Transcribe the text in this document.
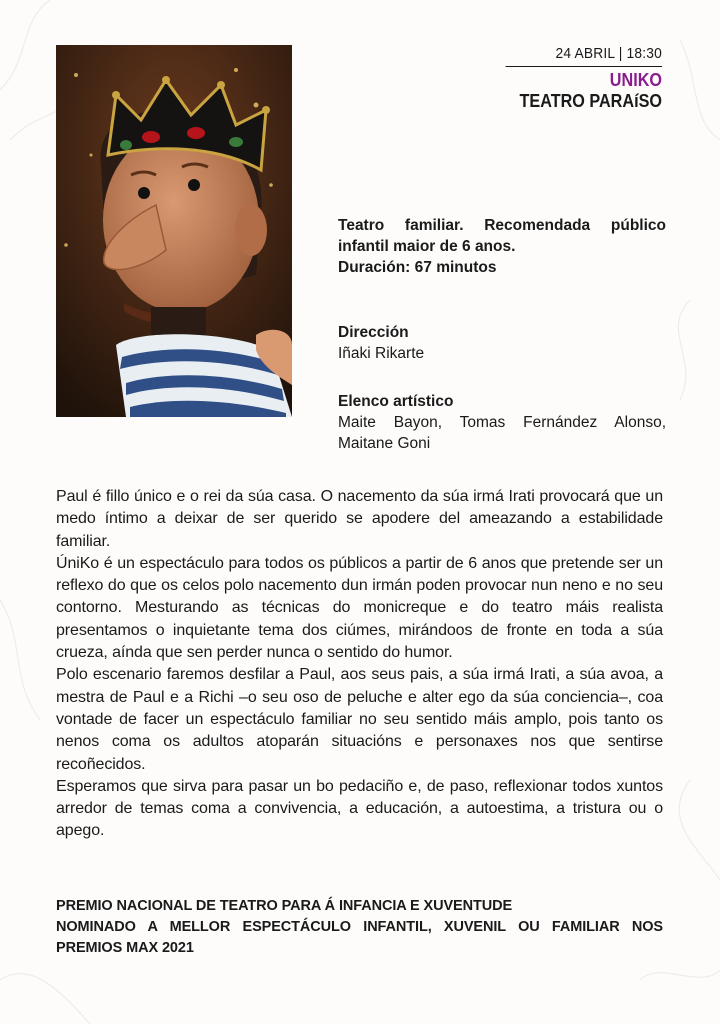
24 ABRIL | 18:30
UNIKO
TEATRO PARAíSO

Teatro familiar. Recomendada público infantil maior de 6 anos.

Duración: 67 minutos

Dirección

Iñaki Rikarte

Elenco artístico

Maite Bayon, Tomas Fernández Alonso, Maitane Goni

Paul é fillo único e o rei da súa casa. O nacemento da súa irmá Irati provocará que un medo íntimo a deixar de ser querido se apodere del ameazando a estabilidade familiar.

ÚniKo é un espectáculo para todos os públicos a partir de 6 anos que pretende ser un reflexo do que os celos polo nacemento dun irmán poden provocar nun neno e no seu contorno. Mesturando as técnicas do monicreque e do teatro máis realista presentamos o inquietante tema dos ciúmes, mirándoos de fronte en toda a súa crueza, aínda que sen perder nunca o sentido do humor.

Polo escenario faremos desfilar a Paul, aos seus pais, a súa irmá Irati, a súa avoa, a mestra de Paul e a Richi –o seu oso de peluche e alter ego da súa conciencia–, coa vontade de facer un espectáculo familiar no seu sentido máis amplo, pois tanto os nenos coma os adultos atoparán situacións e personaxes nos que sentirse recoñecidos.

Esperamos que sirva para pasar un bo pedaciño e, de paso, reflexionar todos xuntos arredor de temas coma a convivencia, a educación, a autoestima, a tristura ou o apego.

PREMIO NACIONAL DE TEATRO PARA Á INFANCIA E XUVENTUDE

NOMINADO A MELLOR ESPECTÁCULO INFANTIL, XUVENIL OU FAMILIAR NOS PREMIOS MAX 2021
